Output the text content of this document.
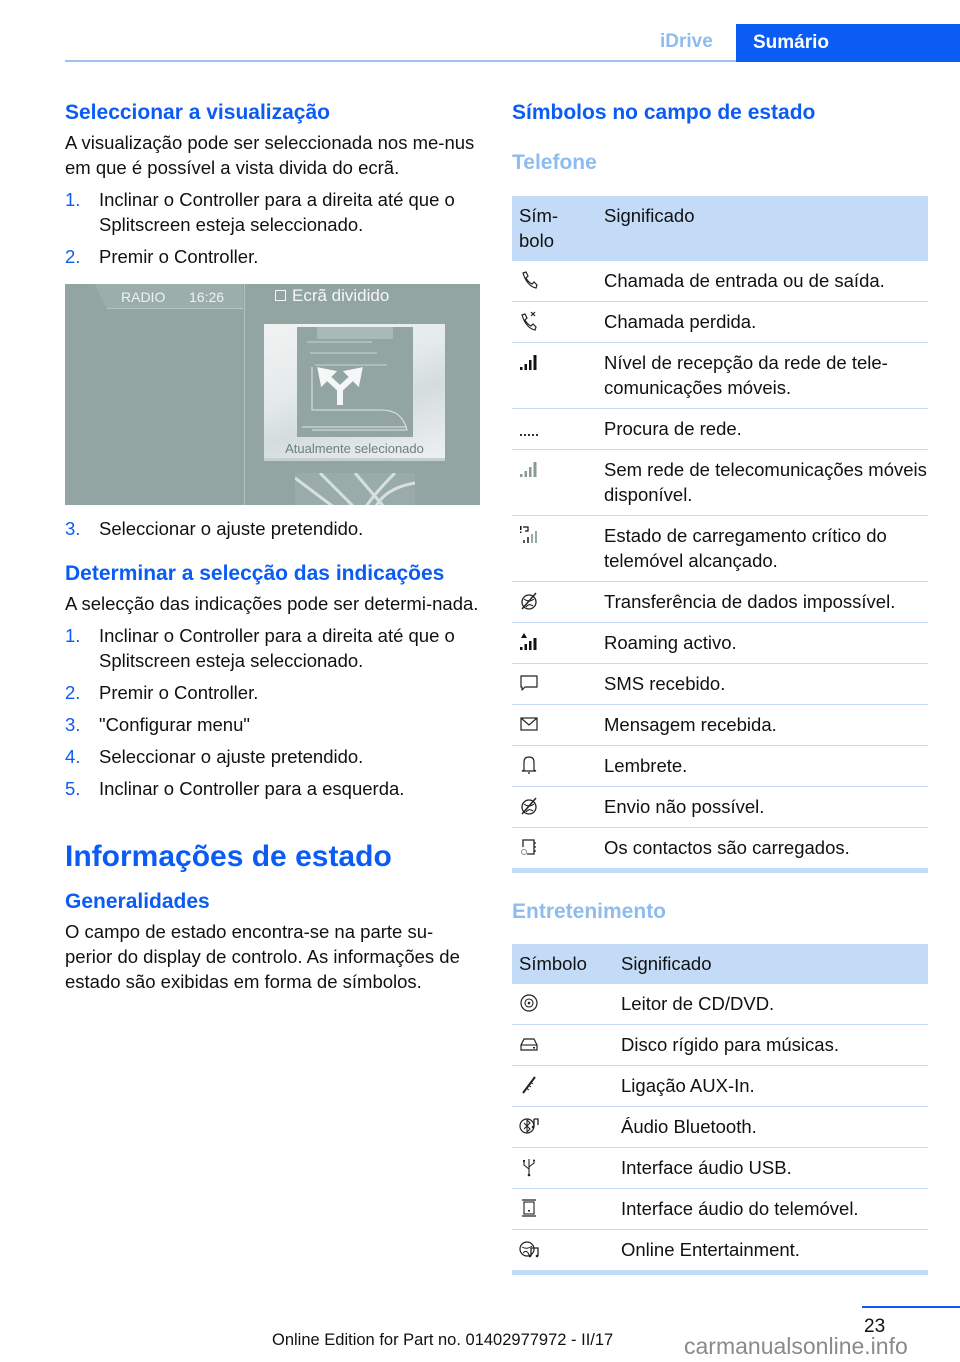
iDrive Sumário
Seleccionar a visualização

A visualização pode ser seleccionada nos me-nus em que é possível a vista divida do ecrã.

1. Inclinar o Controller para a direita até que o Splitscreen esteja seleccionado.
2. Premir o Controller.
RADIO 16:26	Ecrã dividido
Atualmente selecionado
3. Seleccionar o ajuste pretendido.
Determinar a selecção das indicações

A selecção das indicações pode ser determi-nada.

1. Inclinar o Controller para a direita até que o Splitscreen esteja seleccionado.
2. Premir o Controller.
3. "Configurar menu"
4. Seleccionar o ajuste pretendido.
5. Inclinar o Controller para a esquerda.
Informações de estado
Generalidades

O campo de estado encontra-se na parte su-perior do display de controlo. As informações de estado são exibidas em forma de símbolos.

Símbolos no campo de estado
Telefone
Sím-bolo	Significado
	Chamada de entrada ou de saída.
	Chamada perdida.
	Nível de recepção da rede de tele-comunicações móveis.
	Procura de rede.
	Sem rede de telecomunicações móveis disponível.
	Estado de carregamento crítico do telemóvel alcançado.
	Transferência de dados impossível.
	Roaming activo.
	SMS recebido.
	Mensagem recebida.
	Lembrete.
	Envio não possível.
	Os contactos são carregados.
Entretenimento
Símbolo	Significado
	Leitor de CD/DVD.
	Disco rígido para músicas.
	Ligação AUX-In.
	Áudio Bluetooth.
	Interface áudio USB.
	Interface áudio do telemóvel.
	Online Entertainment.
23
Online Edition for Part no. 01402977972 - II/17	carmanualsonline.info
